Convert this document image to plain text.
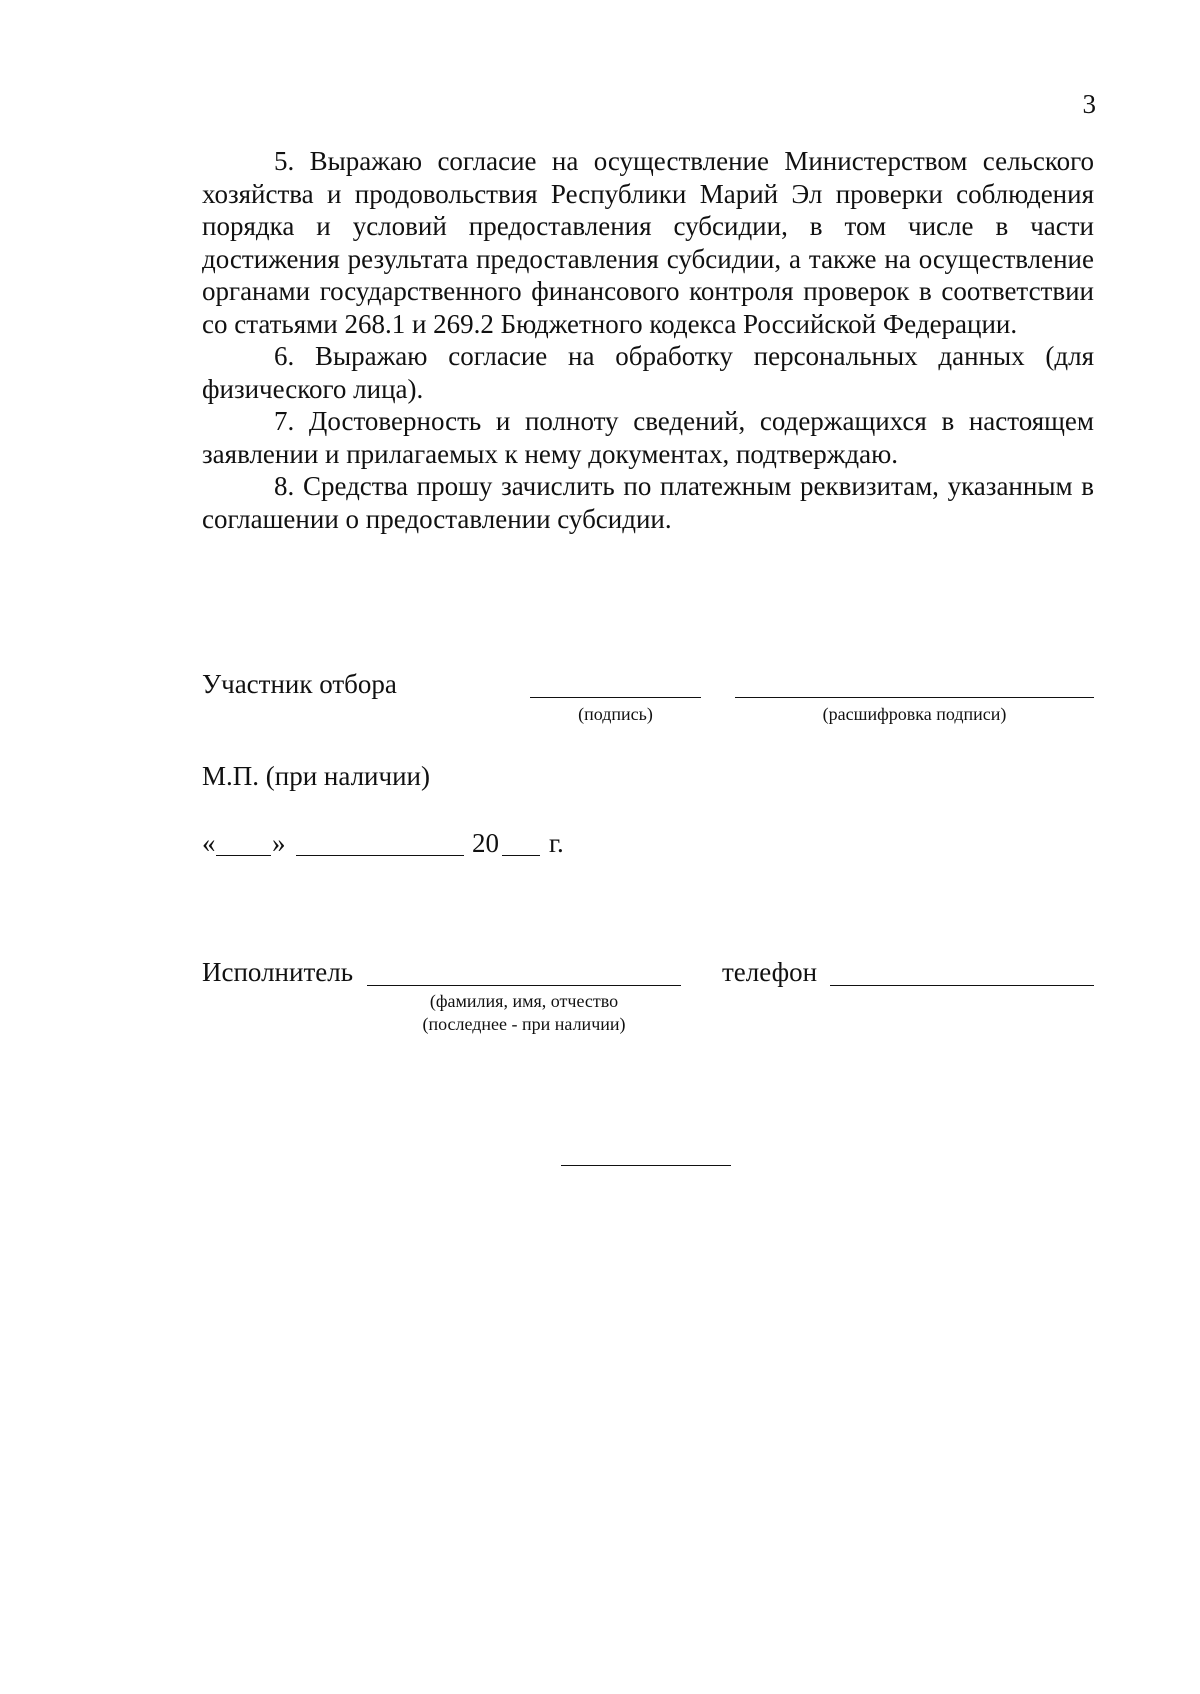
3

5. Выражаю согласие на осуществление Министерством сельского хозяйства и продовольствия Республики Марий Эл проверки соблюдения порядка и условий предоставления субсидии, в том числе в части достижения результата предоставления субсидии, а также на осуществление органами государственного финансового контроля проверок в соответствии со статьями 268.1 и 269.2 Бюджетного кодекса Российской Федерации.

6. Выражаю согласие на обработку персональных данных (для физического лица).

7. Достоверность и полноту сведений, содержащихся в настоящем заявлении и прилагаемых к нему документах, подтверждаю.

8. Средства прошу зачислить по платежным реквизитам, указанным в соглашении о предоставлении субсидии.

Участник отбора
(подпись)	(расшифровка подписи)
М.П. (при наличии)
« »	20 г.
Исполнитель
(фамилия, имя, отчество
(последнее - при наличии)
телефон
